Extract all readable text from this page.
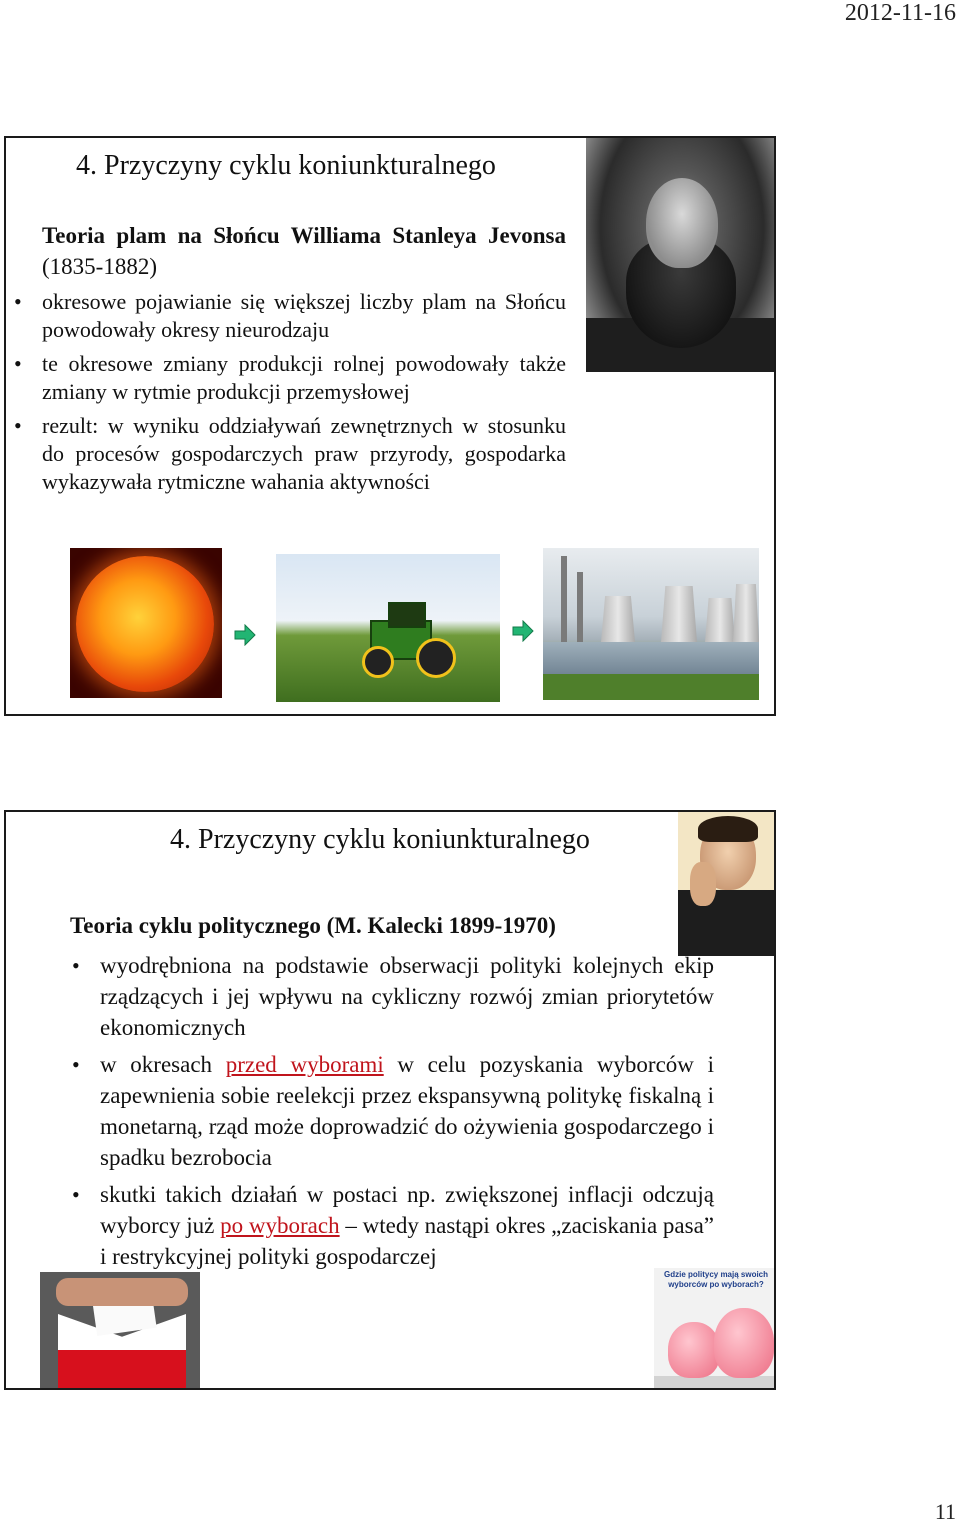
2012-11-16
4. Przyczyny cyklu koniunkturalnego
Teoria plam na Słońcu Williama Stanleya Jevonsa (1835-1882)
• okresowe pojawianie się większej liczby plam na Słońcu powodowały okresy nieurodzaju
• te okresowe zmiany produkcji rolnej powodowały także zmiany w rytmie produkcji przemysłowej
• rezult: w wyniku oddziaływań zewnętrznych w stosunku do procesów gospodarczych praw przyrody, gospodarka wykazywała rytmiczne wahania aktywności
4. Przyczyny cyklu koniunkturalnego
Teoria cyklu politycznego (M. Kalecki 1899-1970)
• wyodrębniona na podstawie obserwacji polityki kolejnych ekip rządzących i jej wpływu na cykliczny rozwój zmian priorytetów ekonomicznych
• w okresach przed wyborami w celu pozyskania wyborców i zapewnienia sobie reelekcji przez ekspansywną politykę fiskalną i monetarną, rząd może doprowadzić do ożywienia gospodarczego i spadku bezrobocia
• skutki takich działań w postaci np. zwiększonej inflacji odczują wyborcy już po wyborach – wtedy nastąpi okres „zaciskania pasa” i restrykcyjnej polityki gospodarczej
Gdzie politycy mają swoich wyborców po wyborach?
11
